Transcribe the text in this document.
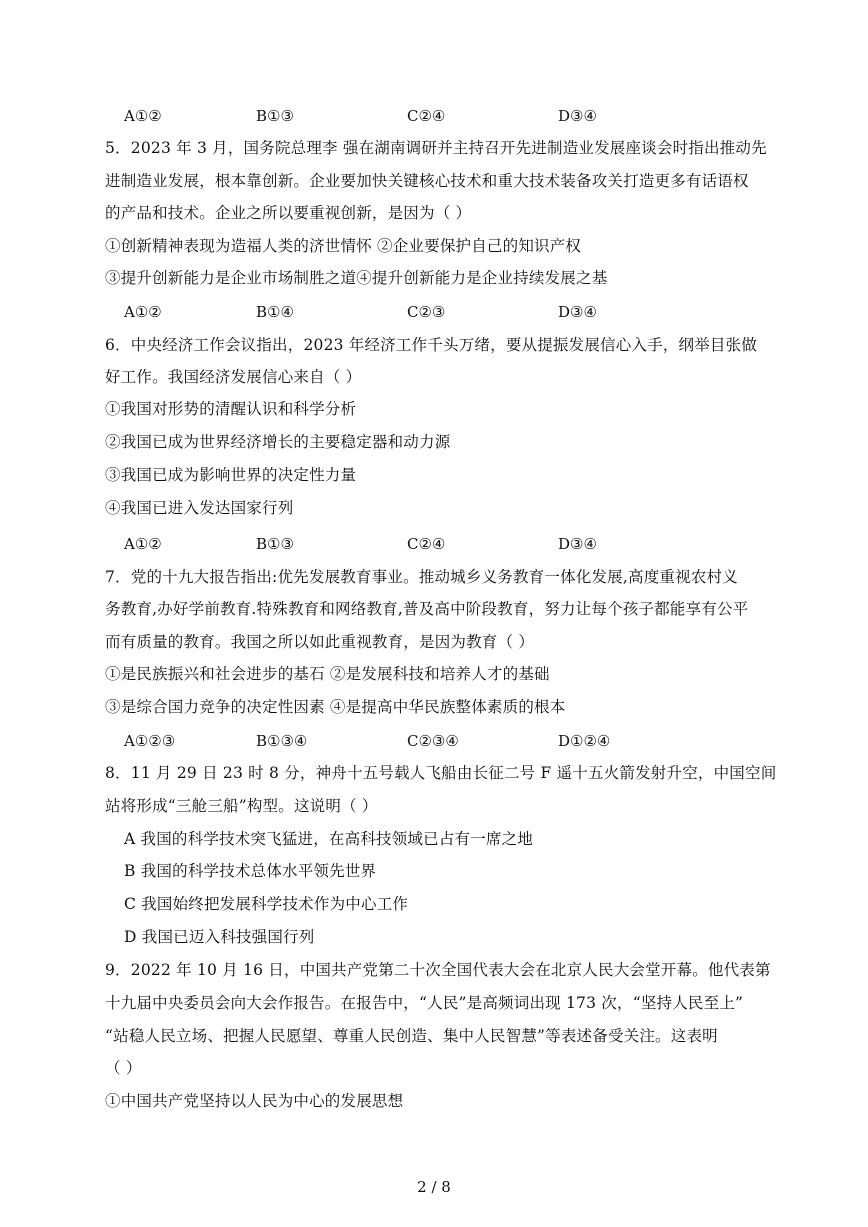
A①②	B①③	C②④	D③④
5．2023 年 3 月，国务院总理李 强在湖南调研并主持召开先进制造业发展座谈会时指出推动先
进制造业发展，根本靠创新。企业要加快关键核心技术和重大技术装备攻关打造更多有话语权
的产品和技术。企业之所以要重视创新，是因为（ ）
①创新精神表现为造福人类的济世情怀 ②企业要保护自己的知识产权
③提升创新能力是企业市场制胜之道④提升创新能力是企业持续发展之基
A①②	B①④	C②③	D③④
6．中央经济工作会议指出，2023 年经济工作千头万绪，要从提振发展信心入手，纲举目张做
好工作。我国经济发展信心来自（ ）
①我国对形势的清醒认识和科学分析
②我国已成为世界经济增长的主要稳定器和动力源
③我国已成为影响世界的决定性力量
④我国已进入发达国家行列
A①②	B①③	C②④	D③④
7．党的十九大报告指出:优先发展教育事业。推动城乡义务教育一体化发展,高度重视农村义
务教育,办好学前教育.特殊教育和网络教育,普及高中阶段教育，努力让每个孩子都能享有公平
而有质量的教育。我国之所以如此重视教育，是因为教育（ ）
①是民族振兴和社会进步的基石 ②是发展科技和培养人才的基础
③是综合国力竞争的决定性因素 ④是提高中华民族整体素质的根本
A①②③	B①③④	C②③④	D①②④
8．11 月 29 日 23 时 8 分，神舟十五号载人飞船由长征二号 F 遥十五火箭发射升空，中国空间
站将形成“三舱三船”构型。这说明（ ）
A 我国的科学技术突飞猛进，在高科技领域已占有一席之地
B 我国的科学技术总体水平领先世界
C 我国始终把发展科学技术作为中心工作
D 我国已迈入科技强国行列
9．2022 年 10 月 16 日，中国共产党第二十次全国代表大会在北京人民大会堂开幕。他代表第
十九届中央委员会向大会作报告。在报告中，“人民”是高频词出现 173 次，“坚持人民至上”
“站稳人民立场、把握人民愿望、尊重人民创造、集中人民智慧”等表述备受关注。这表明
（ ）
①中国共产党坚持以人民为中心的发展思想
2 / 8
